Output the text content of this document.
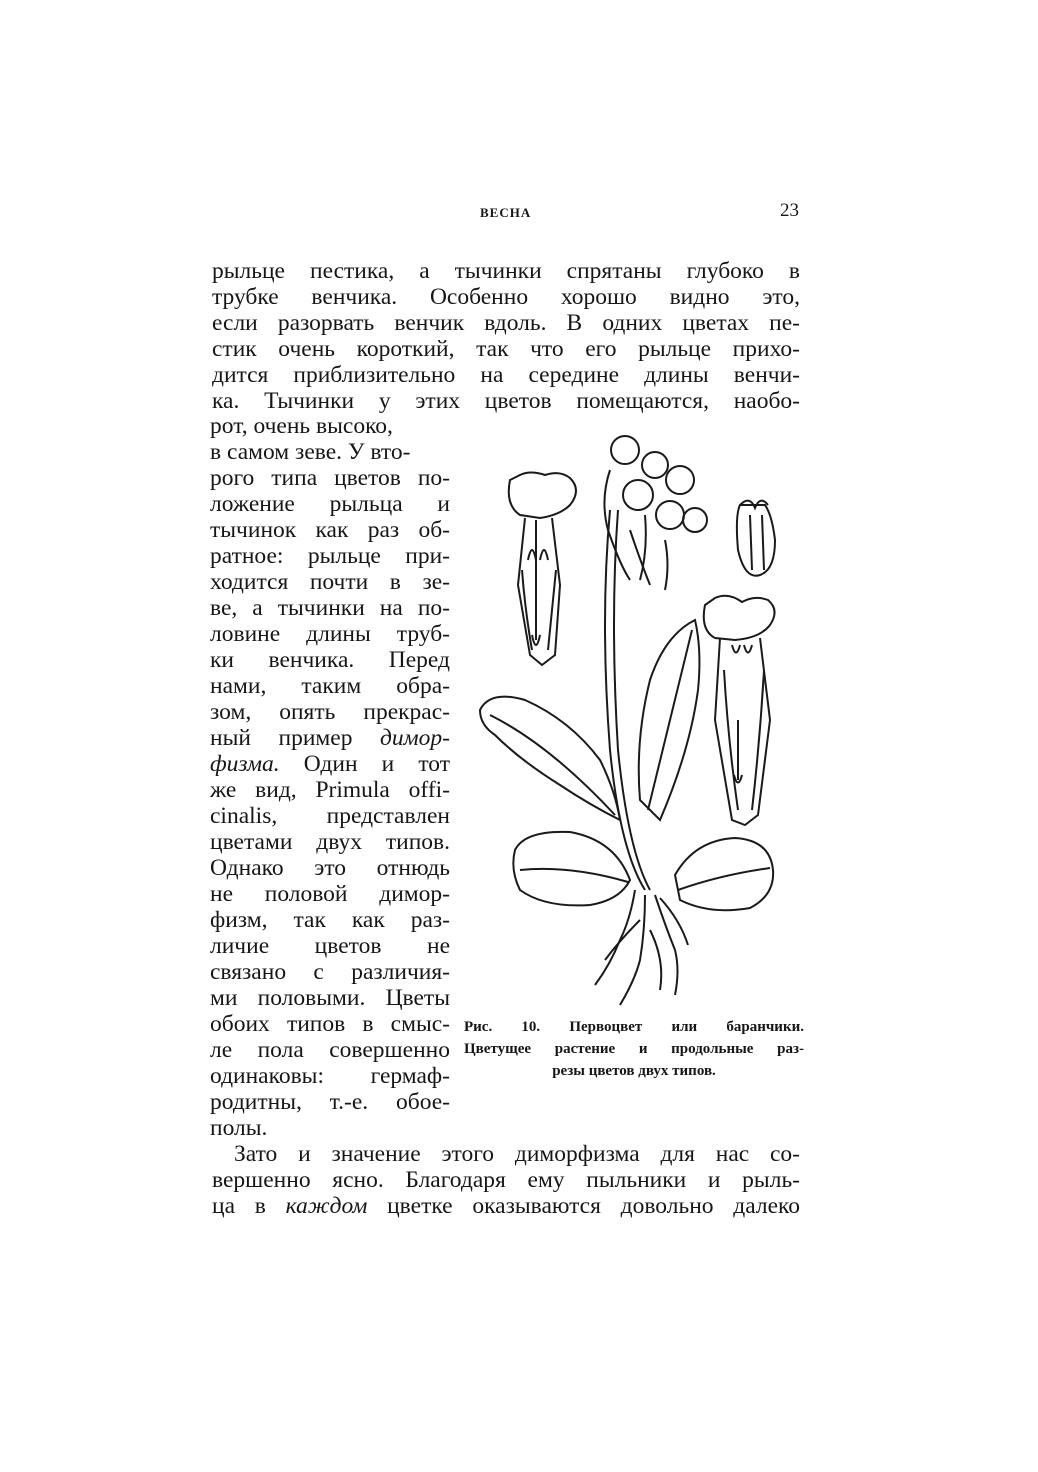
ВЕСНА	23
рыльце пестика, а тычинки спрятаны глубоко в
трубке венчика. Особенно хорошо видно это,
если разорвать венчик вдоль. В одних цветах пе-
стик очень короткий, так что его рыльце прихо-
дится приблизительно на середине длины венчи-
ка. Тычинки у этих цветов помещаются, наобо-
рот, очень высоко,
в самом зеве. У вто-
рого типа цветов по-
ложение рыльца и
тычинок как раз об-
ратное: рыльце при-
ходится почти в зе-
ве, а тычинки на по-
ловине длины труб-
ки венчика. Перед
нами, таким обра-
зом, опять прекрас-
ный пример димор-
физма. Один и тот
же вид, Primula offi-
cinalis, представлен
цветами двух типов.
Однако это отнюдь
не половой димор-
физм, так как раз-
личие цветов не
связано с различия-
ми половыми. Цветы
обоих типов в смыс-
ле пола совершенно
одинаковы: гермаф-
родитны, т.-е. обое-
полы.
Зато и значение этого диморфизма для нас со-
вершенно ясно. Благодаря ему пыльники и рыль-
ца в каждом цветке оказываются довольно далеко
Рис. 10. Первоцвет или баранчики.
Цветущее растение и продольные раз-
резы цветов двух типов.
